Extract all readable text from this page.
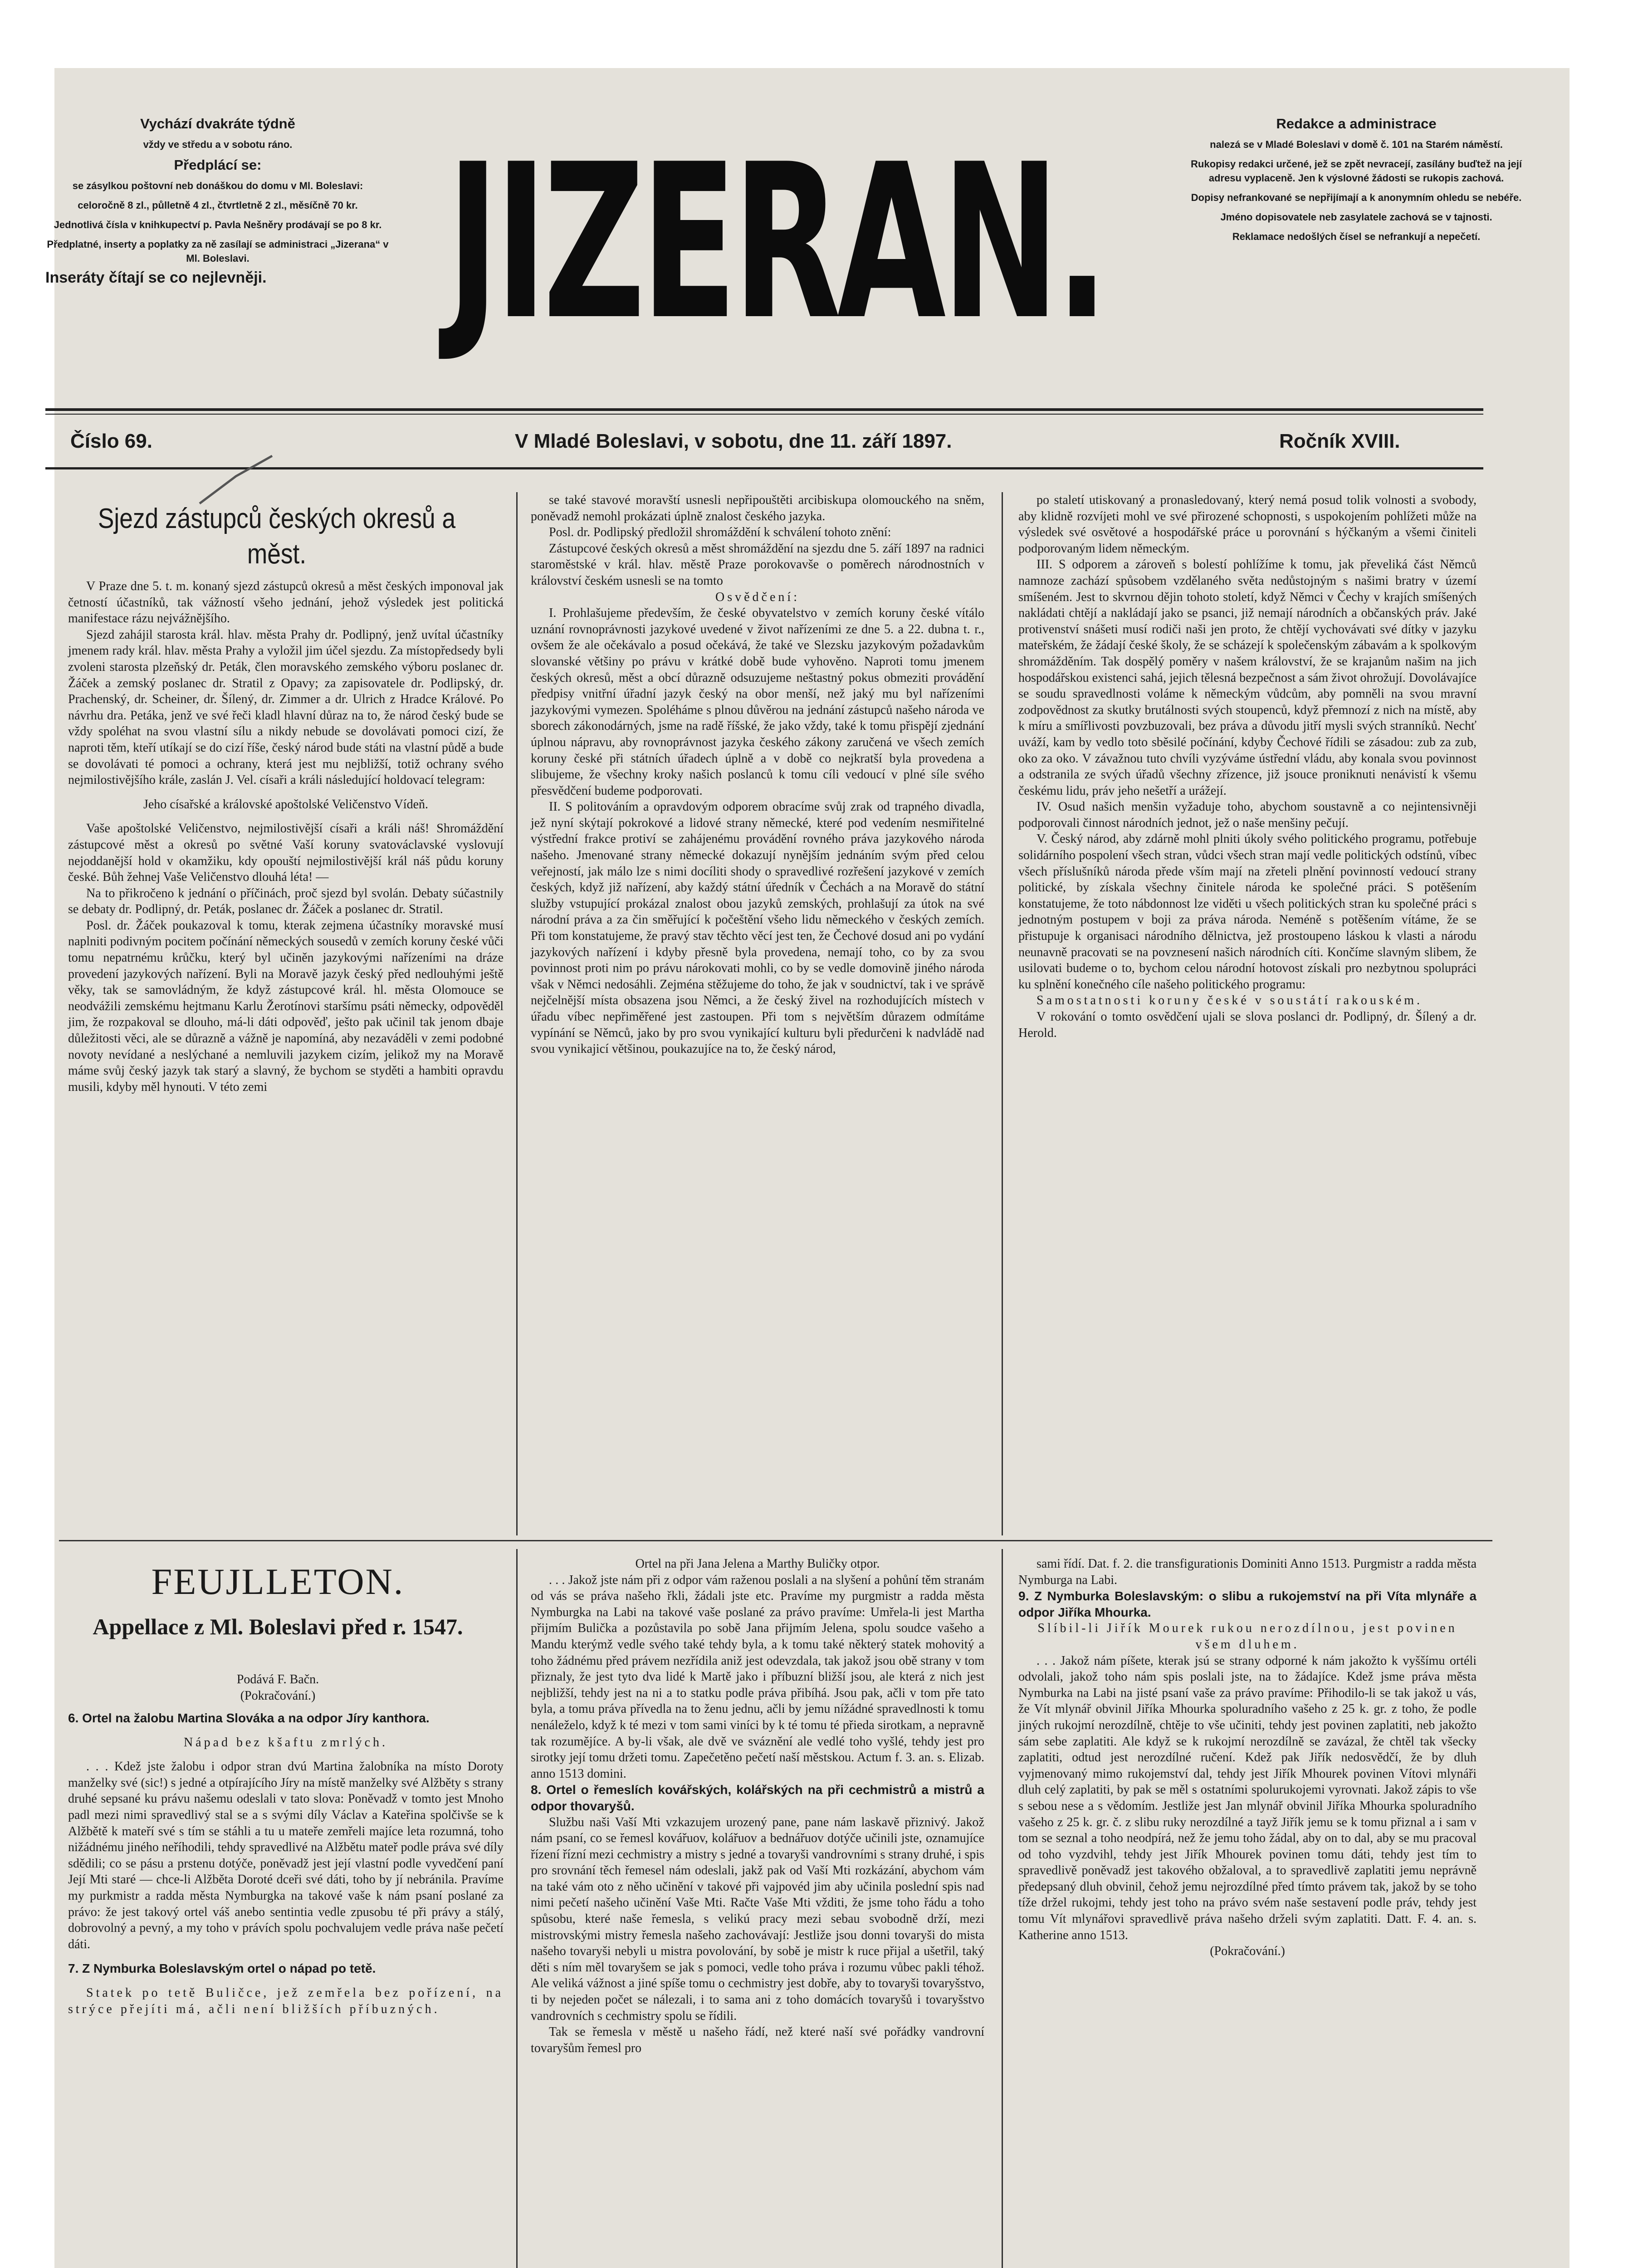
Vychází dvakráte týdně

vždy ve středu a v sobotu ráno.

Předplácí se:

se zásylkou poštovní neb donáškou do domu v Ml. Boleslavi:

celoročně 8 zl., půlletně 4 zl., čtvrtletně 2 zl., měsíčně 70 kr.

Jednotlivá čísla v knihkupectví p. Pavla Nešněry prodávají se po 8 kr.

Předplatné, inserty a poplatky za ně zasílají se administraci „Jizerana“ v Ml. Boleslavi.

Inseráty čítají se co nejlevněji. JIZERAN.	Redakce a administrace

nalezá se v Mladé Boleslavi v domě č. 101 na Starém náměstí.

Rukopisy redakci určené, jež se zpět nevracejí, zasílány buďtež na její adresu vyplaceně. Jen k výslovné žádosti se rukopis zachová.

Dopisy nefrankované se nepřijímají a k anonymním ohledu se nebéře.

Jméno dopisovatele neb zasylatele zachová se v tajnosti.

Reklamace nedošlých čísel se nefrankují a nepečetí.

Číslo 69.	V Mladé Boleslavi, v sobotu, dne 11. září 1897.	Ročník XVIII.
Sjezd zástupců českých okresů a měst.

V Praze dne 5. t. m. konaný sjezd zástupců okresů a měst českých imponoval jak četností účastníků, tak vážností všeho jednání, jehož výsledek jest politická manifestace rázu nejvážnějšího.

Sjezd zahájil starosta král. hlav. města Prahy dr. Podlipný, jenž uvítal účastníky jmenem rady král. hlav. města Prahy a vyložil jim účel sjezdu. Za místopředsedy byli zvoleni starosta plzeňský dr. Peták, člen moravského zemského výboru poslanec dr. Žáček a zemský poslanec dr. Stratil z Opavy; za zapisovatele dr. Podlipský, dr. Prachenský, dr. Scheiner, dr. Šílený, dr. Zimmer a dr. Ulrich z Hradce Králové. Po návrhu dra. Petáka, jenž ve své řeči kladl hlavní důraz na to, že národ český bude se vždy spoléhat na svou vlastní sílu a nikdy nebude se dovolávati pomoci cizí, že naproti těm, kteří utíkají se do cizí říše, český národ bude státi na vlastní půdě a bude se dovolávati té pomoci a ochrany, která jest mu nejbližší, totiž ochrany svého nejmilostivějšího krále, zaslán J. Vel. císaři a králi následující holdovací telegram:

Jeho císařské a královské apoštolské Veličenstvo Vídeň.

Vaše apoštolské Veličenstvo, nejmilostivější císaři a králi náš! Shromáždění zástupcové měst a okresů po světné Vaší koruny svatováclavské vyslovují nejoddanější hold v okamžiku, kdy opouští nejmilostivější král náš půdu koruny české. Bůh žehnej Vaše Veličenstvo dlouhá léta! —

Na to přikročeno k jednání o příčinách, proč sjezd byl svolán. Debaty súčastnily se debaty dr. Podlipný, dr. Peták, poslanec dr. Žáček a poslanec dr. Stratil.

Posl. dr. Žáček poukazoval k tomu, kterak zejmena účastníky moravské musí naplniti podivným pocitem počínání německých sousedů v zemích koruny české vůči tomu nepatrnému krůčku, který byl učiněn jazykovými nařízeními na dráze provedení jazykových nařízení. Byli na Moravě jazyk český před nedlouhými ještě věky, tak se samovládným, že když zástupcové král. hl. města Olomouce se neodvážili zemskému hejtmanu Karlu Žerotínovi staršímu psáti německy, odpověděl jim, že rozpakoval se dlouho, má-li dáti odpověď, ješto pak učinil tak jenom dbaje důležitosti věci, ale se důrazně a vážně je napomíná, aby nezaváděli v zemi podobné novoty nevídané a neslýchané a nemluvili jazykem cizím, jelikož my na Moravě máme svůj český jazyk tak starý a slavný, že bychom se styděti a hambiti opravdu musili, kdyby měl hynouti. V této zemi

se také stavové moravští usnesli nepřipouštěti arcibiskupa olomouckého na sněm, poněvadž nemohl prokázati úplně znalost českého jazyka.

Posl. dr. Podlipský předložil shromáždění k schválení tohoto znění:

Zástupcové českých okresů a měst shromáždění na sjezdu dne 5. září 1897 na radnici staroměstské v král. hlav. městě Praze porokovavše o poměrech národnostních v království českém usnesli se na tomto

Osvědčení:

I. Prohlašujeme především, že české obyvatelstvo v zemích koruny české vítálo uznání rovnoprávnosti jazykové uvedené v život nařízeními ze dne 5. a 22. dubna t. r., ovšem že ale očekávalo a posud očekává, že také ve Slezsku jazykovým požadavkům slovanské většiny po právu v krátké době bude vyhověno. Naproti tomu jmenem českých okresů, měst a obcí důrazně odsuzujeme neštastný pokus obmeziti provádění předpisy vnitřní úřadní jazyk český na obor menší, než jaký mu byl nařízeními jazykovými vymezen. Spoléháme s plnou důvěrou na jednání zástupců našeho národa ve sborech zákonodárných, jsme na radě říšské, že jako vždy, také k tomu přispějí zjednání úplnou nápravu, aby rovnoprávnost jazyka českého zákony zaručená ve všech zemích koruny české při státních úřadech úplně a v době co nejkratší byla provedena a slibujeme, že všechny kroky našich poslanců k tomu cíli vedoucí v plné síle svého přesvědčení budeme podporovati.

II. S politováním a opravdovým odporem obracíme svůj zrak od trapného divadla, jež nyní skýtají pokrokové a lidové strany německé, které pod vedením nesmiřitelné výstřední frakce protiví se zahájenému provádění rovného práva jazykového národa našeho. Jmenované strany německé dokazují nynějším jednáním svým před celou veřejností, jak málo lze s nimi docíliti shody o spravedlivé rozřešení jazykové v zemích českých, když již nařízení, aby každý státní úředník v Čechách a na Moravě do státní služby vstupující prokázal znalost obou jazyků zemských, prohlašují za útok na své národní práva a za čin směřující k počeštění všeho lidu německého v českých zemích. Při tom konstatujeme, že pravý stav těchto věcí jest ten, že Čechové dosud ani po vydání jazykových nařízení i kdyby přesně byla provedena, nemají toho, co by za svou povinnost proti nim po právu nárokovati mohli, co by se vedle domovině jiného národa však v Němci nedosáhli. Zejména stěžujeme do toho, že jak v soudnictví, tak i ve správě nejčelnější místa obsazena jsou Němci, a že český živel na rozhodujících místech v úřadu víbec nepřiměřené jest zastoupen. Při tom s největším důrazem odmítáme vypínání se Němců, jako by pro svou vynikající kulturu byli předurčeni k nadvládě nad svou vynikajicí většinou, poukazujíce na to, že český národ,

po staletí utiskovaný a pronasledovaný, který nemá posud tolik volnosti a svobody, aby klidně rozvíjeti mohl ve své přirozené schopnosti, s uspokojením pohlížeti může na výsledek své osvětové a hospodářské práce u porovnání s hýčkaným a všemi činiteli podporovaným lidem německým.

III. S odporem a zároveň s bolestí pohlížíme k tomu, jak převeliká část Němců namnoze zachází spůsobem vzdělaného světa nedůstojným s našimi bratry v území smíšeném. Jest to skvrnou dějin tohoto století, když Němci v Čechy v krajích smíšených nakládati chtějí a nakládají jako se psanci, již nemají národních a občanských práv. Jaké protivenství snášeti musí rodiči naši jen proto, že chtějí vychovávati své dítky v jazyku mateřském, že žádají české školy, že se scházejí k společenským zábavám a k spolkovým shromážděním. Tak dospělý poměry v našem království, že se krajanům našim na jich hospodářskou existenci sahá, jejich tělesná bezpečnost a sám život ohrožují. Dovolávajíce se soudu spravedlnosti voláme k německým vůdcům, aby pomněli na svou mravní zodpovědnost za skutky brutálnosti svých stoupenců, když přemnozí z nich na místě, aby k míru a smířlivosti povzbuzovali, bez práva a důvodu jitří mysli svých stranníků. Nechť uváží, kam by vedlo toto sběsilé počínání, kdyby Čechové řídili se zásadou: zub za zub, oko za oko. V závažnou tuto chvíli vyzýváme ústřední vládu, aby konala svou povinnost a odstranila ze svých úřadů všechny zřízence, již jsouce proniknuti nenávistí k všemu českému lidu, práv jeho nešetří a urážejí.

IV. Osud našich menšin vyžaduje toho, abychom soustavně a co nejintensivněji podporovali činnost národních jednot, jež o naše menšiny pečují.

V. Český národ, aby zdárně mohl plniti úkoly svého politického programu, potřebuje solidárního pospolení všech stran, vůdci všech stran mají vedle politických odstínů, víbec všech příslušníků národa přede vším mají na zřeteli plnění povinností vedoucí strany politické, by získala všechny činitele národa ke společné práci. S potěšením konstatujeme, že toto nábdonnost lze viděti u všech politických stran ku společné práci s jednotným postupem v boji za práva národa. Neméně s potěšením vítáme, že se přistupuje k organisaci národního dělnictva, jež prostoupeno láskou k vlasti a národu neunavně pracovati se na povznesení našich národních cíti. Končíme slavným slibem, že usilovati budeme o to, bychom celou národní hotovost získali pro nezbytnou spolupráci ku splnění konečného cíle našeho politického programu:

Samostatnosti koruny české v soustátí rakouském.

V rokování o tomto osvědčení ujali se slova poslanci dr. Podlipný, dr. Šílený a dr. Herold.

FEUJLLETON.
Appellace z Ml. Boleslavi před r. 1547.
Podává F. Bačn.
(Pokračování.)

6. Ortel na žalobu Martina Slováka a na odpor Jíry kanthora.

Nápad bez kšaftu zmrlých.

. . . Kdež jste žalobu i odpor stran dvú Martina žalobníka na místo Doroty manželky své (sic!) s jedné a otpírajícího Jíry na místě manželky své Alžběty s strany druhé sepsané ku právu našemu odeslali v tato slova: Poněvadž v tomto jest Mnoho padl mezi nimi spravedlivý stal se a s svými díly Václav a Kateřina spolčivše se k Alžbětě k mateří své s tím se stáhli a tu u mateře zemřeli majíce leta rozumná, toho nižádnému jiného neříhodili, tehdy spravedlivé na Alžbětu mateř podle práva své díly sdědili; co se pásu a prstenu dotýče, poněvadž jest její vlastní podle vyvedčení paní Její Mti staré — chce-li Alžběta Doroté dceři své dáti, toho by jí nebránila. Pravíme my purkmistr a radda města Nymburgka na takové vaše k nám psaní poslané za právo: že jest takový ortel váš anebo sentintia vedle zpusobu té při právy a stálý, dobrovolný a pevný, a my toho v právích spolu pochvalujem vedle práva naše pečetí dáti.

7. Z Nymburka Boleslavským ortel o nápad po tetě.

Statek po tetě Buličce, jež zemřela bez pořízení, na strýce přejíti má, ačli není bližších příbuzných.

Ortel na při Jana Jelena a Marthy Buličky otpor.

. . . Jakož jste nám při z odpor vám raženou poslali a na slyšení a pohůní těm stranám od vás se práva našeho řkli, žádali jste etc. Pravíme my purgmistr a radda města Nymburgka na Labi na takové vaše poslané za právo pravíme: Umřela-li jest Martha přijmím Bulička a pozůstavila po sobě Jana přijmím Jelena, spolu soudce vašeho a Mandu kterýmž vedle svého také tehdy byla, a k tomu také některý statek mohovitý a toho žádnému před právem nezřídila aniž jest odevzdala, tak jakož jsou obě strany v tom přiznaly, že jest tyto dva lidé k Martě jako i příbuzní bližší jsou, ale která z nich jest nejbližší, tehdy jest na ni a to statku podle práva přibíhá. Jsou pak, ačli v tom pře tato byla, a tomu práva přívedla na to ženu jednu, ačli by jemu nížádné spravedlnosti k tomu nenáleželo, když k té mezi v tom sami viníci by k té tomu té přieda sirotkam, a nepravně tak rozumějíce. A by-li však, ale dvě ve sváznění ale vedlé toho vyšlé, tehdy jest pro sirotky její tomu držeti tomu. Zapečetěno pečetí naší městskou. Actum f. 3. an. s. Elizab. anno 1513 domini.

8. Ortel o řemeslích kovářských, kolářských na při cechmistrů a mistrů a odpor thovaryšů.

Službu naši Vaší Mti vzkazujem urozený pane, pane nám laskavě přiznivý. Jakož nám psaní, co se řemesl kovářuov, kolářuov a bednářuov dotýče učinili jste, oznamujíce řízení řízní mezi cechmistry a mistry s jedné a tovaryši vandrovními s strany druhé, i spis pro srovnání těch řemesel nám odeslali, jakž pak od Vaší Mti rozkázání, abychom vám na také vám oto z něho učinění v takové při vajpovéd jim aby učinila poslední spis nad nimi pečetí našeho učinění Vaše Mti. Račte Vaše Mti vžditi, že jsme toho řádu a toho spůsobu, které naše řemesla, s velikú pracy mezi sebau svobodně drží, mezi mistrovskými mistry řemesla našeho zachovávají: Jestliže jsou donni tovaryši do mista našeho tovaryši nebyli u mistra povolování, by sobě je mistr k ruce přijal a ušetřil, taký děti s ním měl tovaryšem se jak s pomoci, vedle toho práva i rozumu vůbec pakli téhož. Ale veliká vážnost a jiné spíše tomu o cechmistry jest dobře, aby to tovaryši tovaryšstvo, ti by nejeden počet se nálezali, i to sama ani z toho domácích tovaryšů i tovaryšstvo vandrovních s cechmistry spolu se řídili.

Tak se řemesla v městě u našeho řádí, než které naší své pořádky vandrovní tovaryšům řemesl pro

sami řídí. Dat. f. 2. die transfigurationis Dominiti Anno 1513. Purgmistr a radda města Nymburga na Labi.

9. Z Nymburka Boleslavským: o slibu a rukojemství na při Víta mlynáře a odpor Jiříka Mhourka.

Slíbil-li Jiřík Mourek rukou nerozdílnou, jest povinen všem dluhem.

. . . Jakož nám píšete, kterak jsú se strany odporné k nám jakožto k vyššímu ortéli odvolali, jakož toho nám spis poslali jste, na to žádajíce. Kdež jsme práva města Nymburka na Labi na jisté psaní vaše za právo pravíme: Přihodilo-li se tak jakož u vás, že Vít mlynář obvinil Jiříka Mhourka spoluradního vašeho z 25 k. gr. z toho, že podle jiných rukojmí nerozdílně, chtěje to vše učiniti, tehdy jest povinen zaplatiti, neb jakožto sám sebe zaplatiti. Ale když se k rukojmí nerozdílně se zavázal, že chtěl tak všecky zaplatiti, odtud jest nerozdílné ručení. Kdež pak Jiřík nedosvědčí, že by dluh vyjmenovaný mimo rukojemství dal, tehdy jest Jiřík Mhourek povinen Vítovi mlynáři dluh celý zaplatiti, by pak se měl s ostatními spolurukojemi vyrovnati. Jakož zápis to vše s sebou nese a s vědomím. Jestliže jest Jan mlynář obvinil Jiříka Mhourka spoluradního vašeho z 25 k. gr. č. z slibu ruky nerozdílné a tayž Jiřík jemu se k tomu přiznal a i sam v tom se seznal a toho neodpírá, než že jemu toho žádal, aby on to dal, aby se mu pracoval od toho vyzdvihl, tehdy jest Jiřík Mhourek povinen tomu dáti, tehdy jest tím to spravedlivě poněvadž jest takového obžaloval, a to spravedlivě zaplatiti jemu neprávně předepsaný dluh obvinil, čehož jemu nejrozdílné před tímto právem tak, jakož by se toho tíže držel rukojmi, tehdy jest toho na právo svém naše sestavení podle práv, tehdy jest tomu Vít mlynářovi spravedlivě práva našeho drželi svým zaplatiti. Datt. F. 4. an. s. Katherine anno 1513.

(Pokračování.)
